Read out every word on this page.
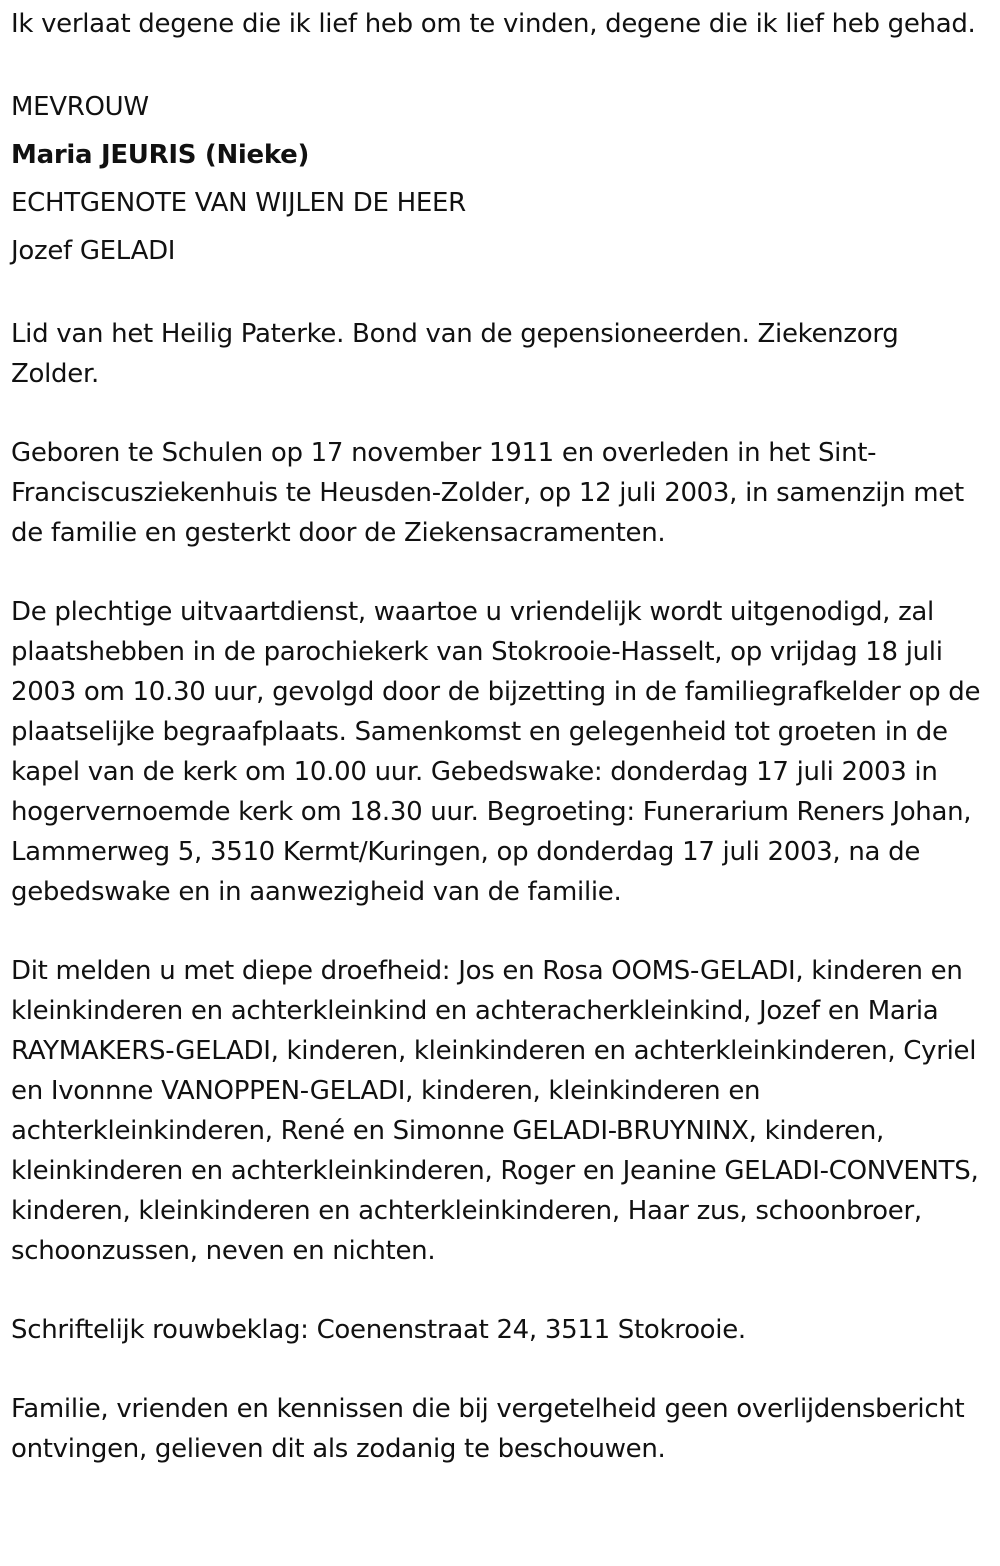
Ik verlaat degene die ik lief heb om te vinden, degene die ik lief heb gehad.

MEVROUW

Maria JEURIS (Nieke)

ECHTGENOTE VAN WIJLEN DE HEER

Jozef GELADI

Lid van het Heilig Paterke. Bond van de gepensioneerden. Ziekenzorg Zolder.

Geboren te Schulen op 17 november 1911 en overleden in het Sint-Franciscusziekenhuis te Heusden-Zolder, op 12 juli 2003, in samenzijn met de familie en gesterkt door de Ziekensacramenten.

De plechtige uitvaartdienst, waartoe u vriendelijk wordt uitgenodigd, zal plaatshebben in de parochiekerk van Stokrooie-Hasselt, op vrijdag 18 juli 2003 om 10.30 uur, gevolgd door de bijzetting in de familiegrafkelder op de plaatselijke begraafplaats. Samenkomst en gelegenheid tot groeten in de kapel van de kerk om 10.00 uur. Gebedswake: donderdag 17 juli 2003 in hogervernoemde kerk om 18.30 uur. Begroeting: Funerarium Reners Johan, Lammerweg 5, 3510 Kermt/Kuringen, op donderdag 17 juli 2003, na de gebedswake en in aanwezigheid van de familie.

Dit melden u met diepe droefheid: Jos en Rosa OOMS-GELADI, kinderen en kleinkinderen en achterkleinkind en achteracherkleinkind, Jozef en Maria RAYMAKERS-GELADI, kinderen, kleinkinderen en achterkleinkinderen, Cyriel en Ivonnne VANOPPEN-GELADI, kinderen, kleinkinderen en achterkleinkinderen, René en Simonne GELADI-BRUYNINX, kinderen, kleinkinderen en achterkleinkinderen, Roger en Jeanine GELADI-CONVENTS, kinderen, kleinkinderen en achterkleinkinderen, Haar zus, schoonbroer, schoonzussen, neven en nichten.

Schriftelijk rouwbeklag: Coenenstraat 24, 3511 Stokrooie.

Familie, vrienden en kennissen die bij vergetelheid geen overlijdensbericht ontvingen, gelieven dit als zodanig te beschouwen.
